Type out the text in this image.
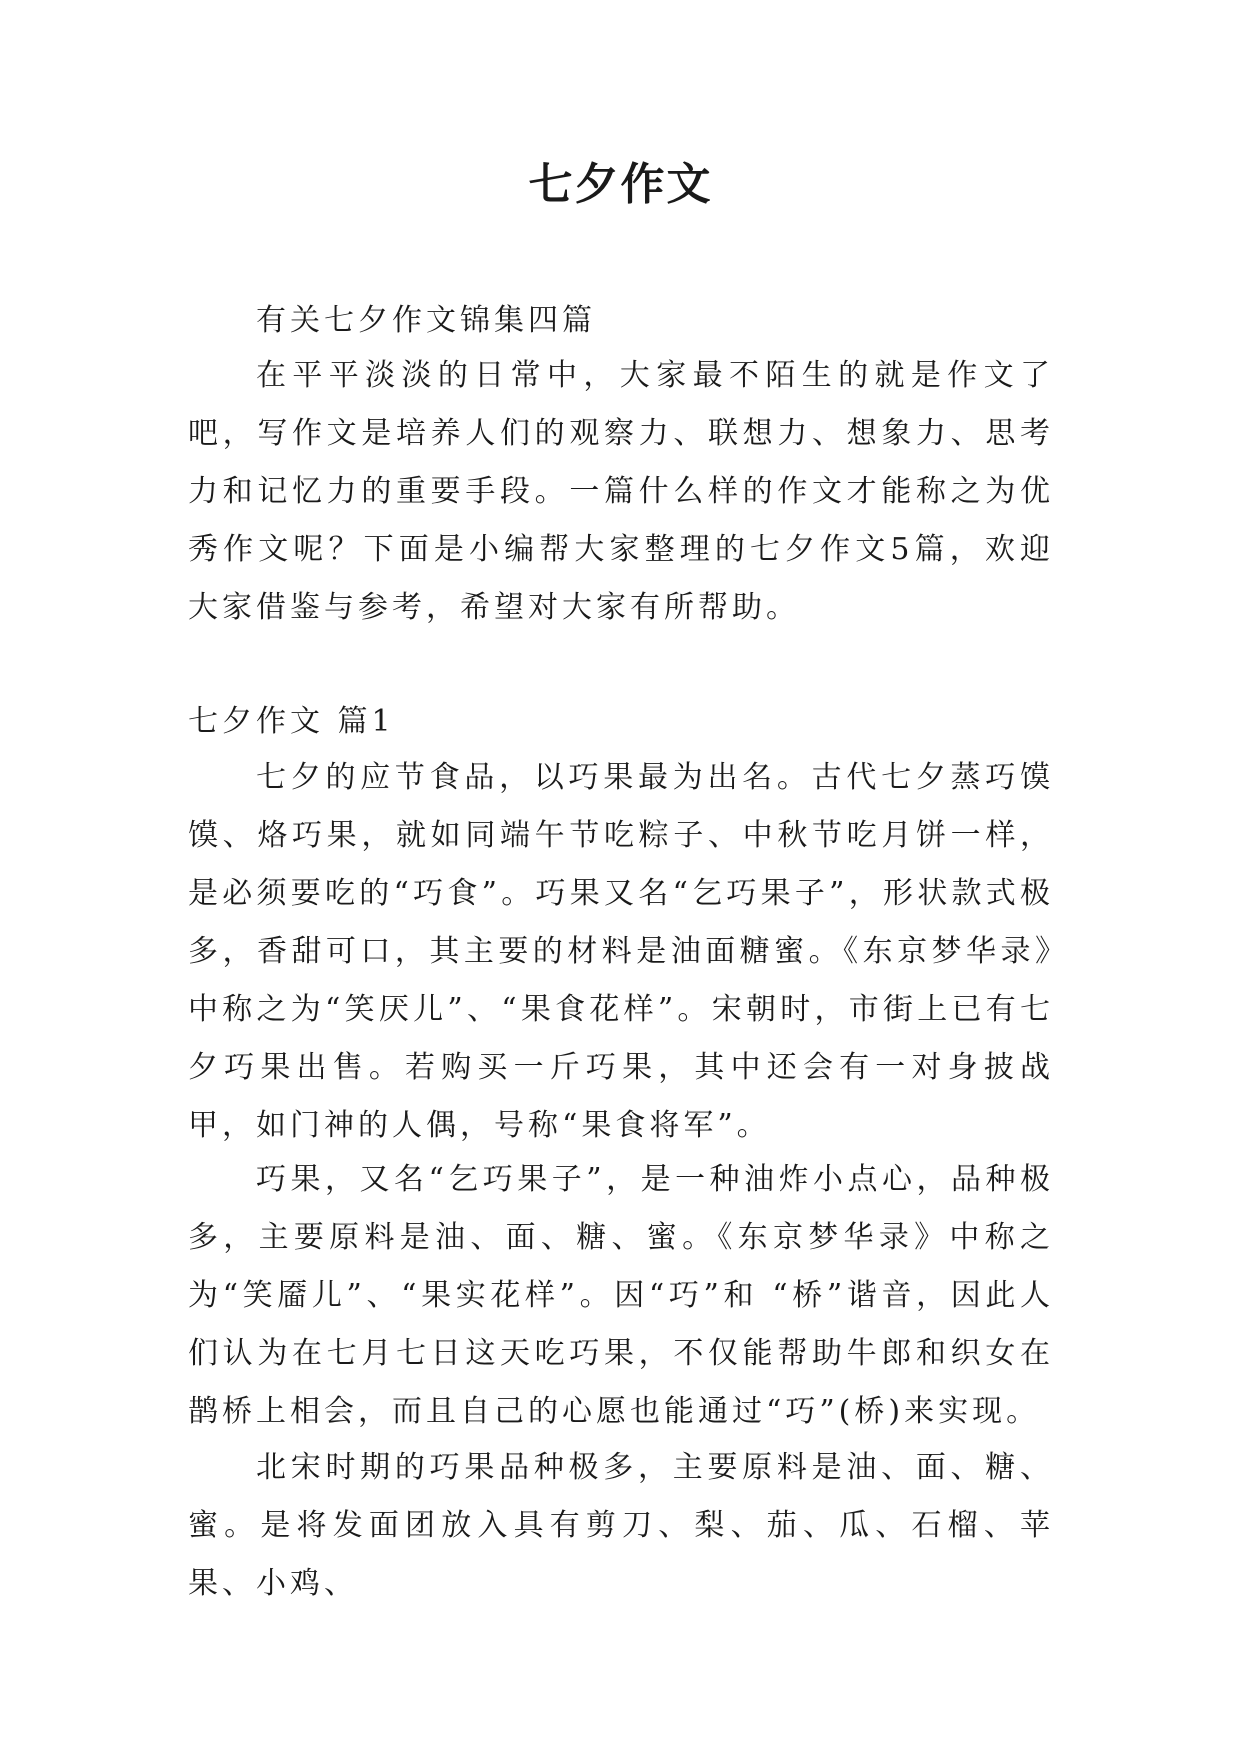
七夕作文

有关七夕作文锦集四篇

在平平淡淡的日常中，大家最不陌生的就是作文了吧，写作文是培养人们的观察力、联想力、想象力、思考力和记忆力的重要手段。一篇什么样的作文才能称之为优秀作文呢？下面是小编帮大家整理的七夕作文5篇，欢迎大家借鉴与参考，希望对大家有所帮助。

七夕作文 篇1

七夕的应节食品，以巧果最为出名。古代七夕蒸巧馍馍、烙巧果，就如同端午节吃粽子、中秋节吃月饼一样，是必须要吃的“巧食”。巧果又名“乞巧果子”，形状款式极多，香甜可口，其主要的材料是油面糖蜜。《东京梦华录》中称之为“笑厌儿”、“果食花样”。宋朝时，市街上已有七夕巧果出售。若购买一斤巧果，其中还会有一对身披战甲，如门神的人偶，号称“果食将军”。

巧果，又名“乞巧果子”，是一种油炸小点心，品种极多，主要原料是油、面、糖、蜜。《东京梦华录》中称之为“笑靥儿”、“果实花样”。因“巧”和 “桥”谐音，因此人们认为在七月七日这天吃巧果，不仅能帮助牛郎和织女在鹊桥上相会，而且自己的心愿也能通过“巧”(桥)来实现。

北宋时期的巧果品种极多，主要原料是油、面、糖、蜜。是将发面团放入具有剪刀、梨、茄、瓜、石榴、苹果、小鸡、
